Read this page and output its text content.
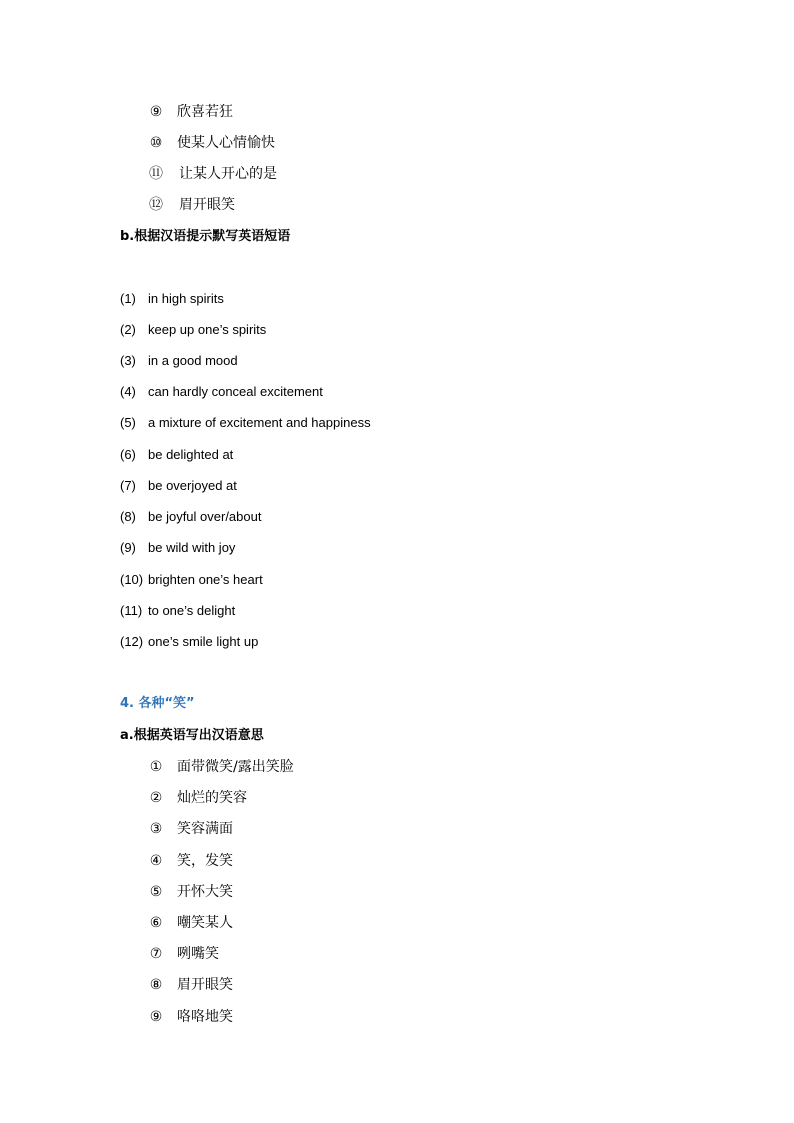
⑨ 欣喜若狂
⑩ 使某人心情愉快
⑪ 让某人开心的是
⑫ 眉开眼笑
b.根据汉语提示默写英语短语
(1) in high spirits
(2) keep up one’s spirits
(3) in a good mood
(4) can hardly conceal excitement
(5) a mixture of excitement and happiness
(6) be delighted at
(7) be overjoyed at
(8) be joyful over/about
(9) be wild with joy
(10) brighten one’s heart
(11) to one’s delight
(12) one’s smile light up
4. 各种“笑”
a.根据英语写出汉语意思
① 面带微笑/露出笑脸
② 灿烂的笑容
③ 笑容满面
④ 笑，发笑
⑤ 开怀大笑
⑥ 嘲笑某人
⑦ 咧嘴笑
⑧ 眉开眼笑
⑨ 咯咯地笑
